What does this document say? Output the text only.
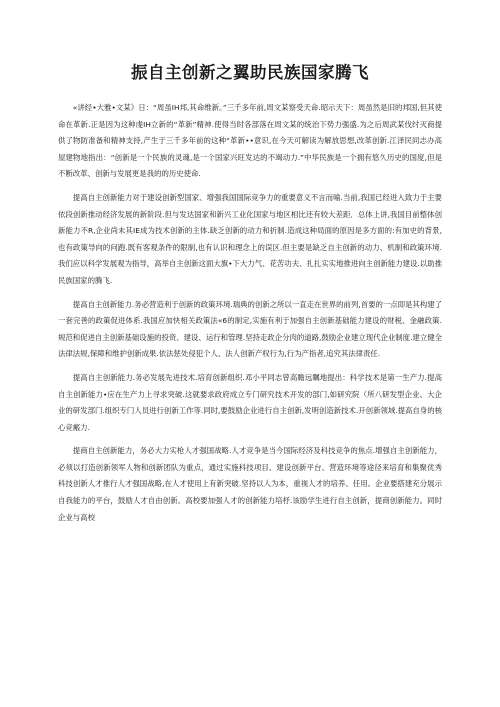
振自主创新之翼助民族国家腾飞

«讲经•大雅•文某》日：“周虽IH邦,其命维新。”三千多年前,周文某察受天命.昭示天下：周虽然是旧的邦国,但其使命在革新.正是因为这种虔IH立新的“革新”精神.使得当时各部落在周文某的统治下势力强盛.为之后周武某伐纣灭商提供了物防准备和精神支持,产生于三千多年前的这种“革新••意识,在今天可解读为解放思想,改革创新.江泽民同志办高屋建物地指出：“创新是一个民族的灵魂,是一个国家兴旺发达的不竭动力.”中华民族是一个拥有悠久历史的国度,但是不断改革、创新与发展更是我的的历史使命.

提高自主创新能力对于建设创新型国家、增强我国国际竞争力的重要意义不言而喻.当前,我国已经进入致力于主要依段创新推动经济发展的新阶段.但与发达国家和新兴工业化国家与地区相比还有较大差距．总体上讲,我国目前整体创新能力不R,企业尚未其IE成为技术创新的主体.缺乏创新的动力和折制.造成这种局面的原因是多方面的:有加史的背景,也有政策导向的问跑.既有客观条件的限制,也有认识和理念上的误区.但主要是缺乏自主创新的动力、机制和政策环境.我们应以科学发展观为指导，高举自主创新这面大旗•下大力气、花苦功夫、扎扎实实地推进向主创新能力建设.以助推民族国家的腾飞.

提高自主创新能力.务必营造利于创新的政策环境.瑞典的创新之所以一直走在世界的前列,首要的一点即是其构建了一套完善的政策促进体系.我国应加快相关政策法«6的制定,实施有利于加强自主创新基础能力建设的财税、金融政策.规范和促进自主创新基础设施的投资、建设、运行和管理.坚持走政企分肉的道路,鼓励企业建立现代企业制度.建立健全法律法规,保障和维护创新成果.依法惩处侵犯个人、法人创新产权行为,行为产指者,追究其法律责任.

提高自主创新能力.务必发展先进技术.培育创新组织.邓小平同志曾高瞻远瞩地提出：科学技术是第一生产力.提高自主创新能力•应在生产力上寻求突破.这就要求政府成立专门研究技术开发的部门,如研究院（所八研发型企业、大企业的研发部门.组织专门人员进行创新工作等.同时,要鼓励企业进行自主创新,发明创造新技术.开创新领域.提高自身的核心竞瘢力.

提商自主创新能力，务必大力实枪人才强国战略.人才竞争是当今国际经济及科技竞争的焦点.增强自主创新能力，必须以打造创新领军人物和创新团队为重点，通过实施科技项目、建设创新平台、营造环境等途径来培育和集聚优秀科技创新人才推行人才强国战略,在人才使用上有新突破.坚持以人为本，重视人才的培养、任用。企业要搭建充分展示自我能力的平台，鼓励人才自由创新。高校要加强人才的创新能力培杼.该励学生进行自主创新，提商创新能力。同时企业与高校
